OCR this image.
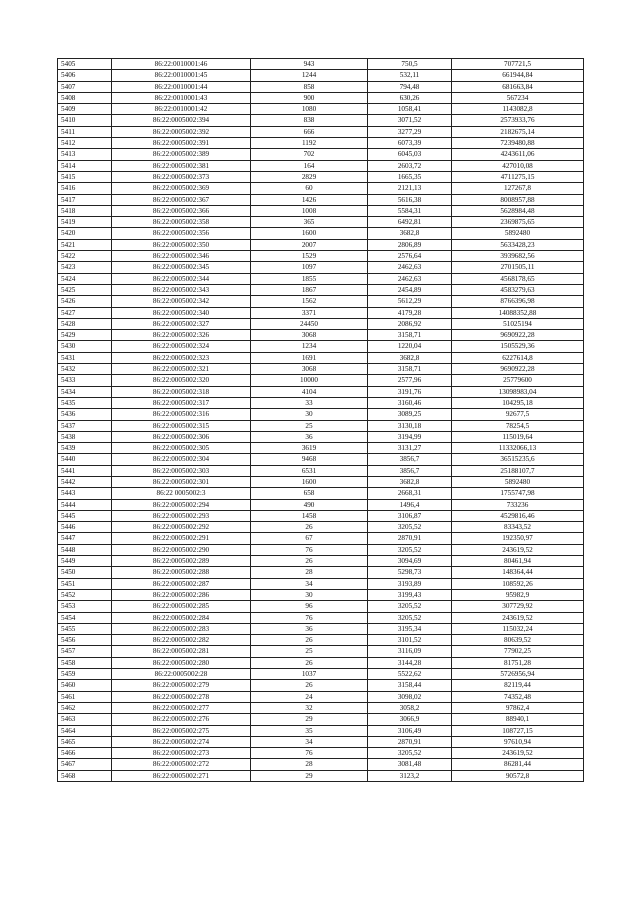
5405	86:22:0010001:46	943	750,5	707721,5
5406	86:22:0010001:45	1244	532,11	661944,84
5407	86:22:0010001:44	858	794,48	681663,84
5408	86:22:0010001:43	900	630,26	567234
5409	86:22:0010001:42	1080	1058,41	1143082,8
5410	86:22:0005002:394	838	3071,52	2573933,76
5411	86:22:0005002:392	666	3277,29	2182675,14
5412	86:22:0005002:391	1192	6073,39	7239480,88
5413	86:22:0005002:389	702	6045,03	4243611,06
5414	86:22:0005002:381	164	2603,72	427010,08
5415	86:22:0005002:373	2829	1665,35	4711275,15
5416	86:22:0005002:369	60	2121,13	127267,8
5417	86:22:0005002:367	1426	5616,38	8008957,88
5418	86:22:0005002:366	1008	5584,31	5628984,48
5419	86:22:0005002:358	365	6492,81	2369875,65
5420	86:22:0005002:356	1600	3682,8	5892480
5421	86:22:0005002:350	2007	2806,89	5633428,23
5422	86:22:0005002:346	1529	2576,64	3939682,56
5423	86:22:0005002:345	1097	2462,63	2701505,11
5424	86:22:0005002:344	1855	2462,63	4568178,65
5425	86:22:0005002:343	1867	2454,89	4583279,63
5426	86:22:0005002:342	1562	5612,29	8766396,98
5427	86:22:0005002:340	3371	4179,28	14088352,88
5428	86:22:0005002:327	24450	2086,92	51025194
5429	86:22:0005002:326	3068	3158,71	9690922,28
5430	86:22:0005002:324	1234	1220,04	1505529,36
5431	86:22:0005002:323	1691	3682,8	6227614,8
5432	86:22:0005002:321	3068	3158,71	9690922,28
5433	86:22:0005002:320	10000	2577,96	25779600
5434	86:22:0005002:318	4104	3191,76	13098983,04
5435	86:22:0005002:317	33	3160,46	104295,18
5436	86:22:0005002:316	30	3089,25	92677,5
5437	86:22:0005002:315	25	3130,18	78254,5
5438	86:22:0005002:306	36	3194,99	115019,64
5439	86:22:0005002:305	3619	3131,27	11332066,13
5440	86:22:0005002:304	9468	3856,7	36515235,6
5441	86:22:0005002:303	6531	3856,7	25188107,7
5442	86:22:0005002:301	1600	3682,8	5892480
5443	86:22 0005002:3	658	2668,31	1755747,98
5444	86:22:0005002:294	490	1496,4	733236
5445	86:22:0005002:293	1458	3106,87	4529816,46
5446	86:22:0005002:292	26	3205,52	83343,52
5447	86:22:0005002:291	67	2870,91	192350,97
5448	86:22:0005002:290	76	3205,52	243619,52
5449	86:22:0005002:289	26	3094,69	80461,94
5450	86:22:0005002:288	28	5298,73	148364,44
5451	86:22:0005002:287	34	3193,89	108592,26
5452	86:22:0005002:286	30	3199,43	95982,9
5453	86:22:0005002:285	96	3205,52	307729,92
5454	86:22:0005002:284	76	3205,52	243619,52
5455	86:22:0005002:283	36	3195,34	115032,24
5456	86:22:0005002:282	26	3101,52	80639,52
5457	86:22:0005002:281	25	3116,09	77902,25
5458	86:22:0005002:280	26	3144,28	81751,28
5459	86:22:0005002:28	1037	5522,62	5726956,94
5460	86:22:0005002:279	26	3158,44	82119,44
5461	86:22:0005002:278	24	3098,02	74352,48
5462	86:22:0005002:277	32	3058,2	97862,4
5463	86:22:0005002:276	29	3066,9	88940,1
5464	86:22:0005002:275	35	3106,49	108727,15
5465	86:22:0005002:274	34	2870,91	97610,94
5466	86:22:0005002:273	76	3205,52	243619,52
5467	86:22:0005002:272	28	3081,48	86281,44
5468	86:22:0005002:271	29	3123,2	90572,8
